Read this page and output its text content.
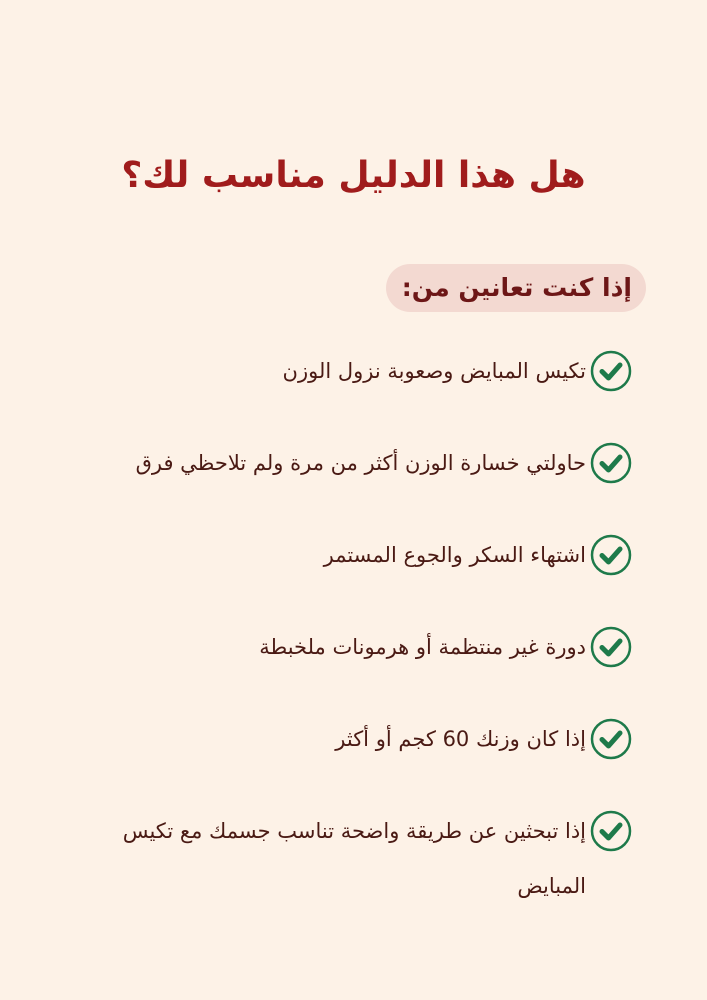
هل هذا الدليل مناسب لك؟
إذا كنت تعانين من:
تكيس المبايض وصعوبة نزول الوزن
حاولتي خسارة الوزن أكثر من مرة ولم تلاحظي فرق
اشتهاء السكر والجوع المستمر
دورة غير منتظمة أو هرمونات ملخبطة
إذا كان وزنك 60 كجم أو أكثر
إذا تبحثين عن طريقة واضحة تناسب جسمك مع تكيس المبايض
